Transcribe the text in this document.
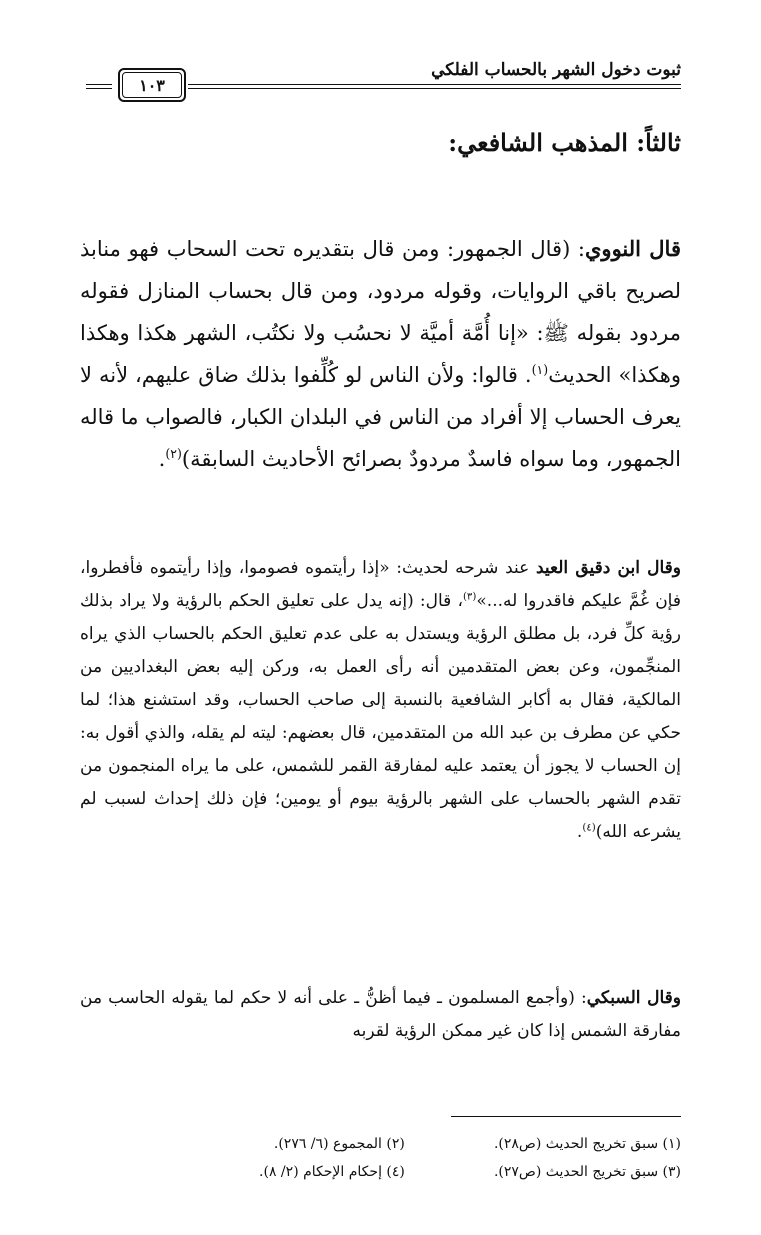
ثبوت دخول الشهر بالحساب الفلكي
١٠٣
ثالثاً: المذهب الشافعي:
قال النووي: (قال الجمهور: ومن قال بتقديره تحت السحاب فهو منابذ لصريح باقي الروايات، وقوله مردود، ومن قال بحساب المنازل فقوله مردود بقوله ﷺ: «إنا أُمَّة أميَّة لا نحسُب ولا نكتُب، الشهر هكذا وهكذا وهكذا» الحديث$^{(١)}$. قالوا: ولأن الناس لو كُلِّفوا بذلك ضاق عليهم، لأنه لا يعرف الحساب إلا أفراد من الناس في البلدان الكبار، فالصواب ما قاله الجمهور، وما سواه فاسدٌ مردودٌ بصرائح الأحاديث السابقة)$^{(٢)}$.
وقال ابن دقيق العيد عند شرحه لحديث: «إذا رأيتموه فصوموا، وإذا رأيتموه فأفطروا، فإن غُمَّ عليكم فاقدروا له...»$^{(٣)}$، قال: (إنه يدل على تعليق الحكم بالرؤية ولا يراد بذلك رؤية كلِّ فرد، بل مطلق الرؤية ويستدل به على عدم تعليق الحكم بالحساب الذي يراه المنجِّمون، وعن بعض المتقدمين أنه رأى العمل به، وركن إليه بعض البغداديين من المالكية، فقال به أكابر الشافعية بالنسبة إلى صاحب الحساب، وقد استشنع هذا؛ لما حكي عن مطرف بن عبد الله من المتقدمين، قال بعضهم: ليته لم يقله، والذي أقول به: إن الحساب لا يجوز أن يعتمد عليه لمفارقة القمر للشمس، على ما يراه المنجمون من تقدم الشهر بالحساب على الشهر بالرؤية بيوم أو يومين؛ فإن ذلك إحداث لسبب لم يشرعه الله)$^{(٤)}$.
وقال السبكي: (وأجمع المسلمون ـ فيما أظنُّ ـ على أنه لا حكم لما يقوله الحاسب من مفارقة الشمس إذا كان غير ممكن الرؤية لقربه
(١) سبق تخريج الحديث (ص٢٨).
(٢) المجموع (٦/ ٢٧٦).
(٣) سبق تخريج الحديث (ص٢٧).
(٤) إحكام الإحكام (٢/ ٨).
